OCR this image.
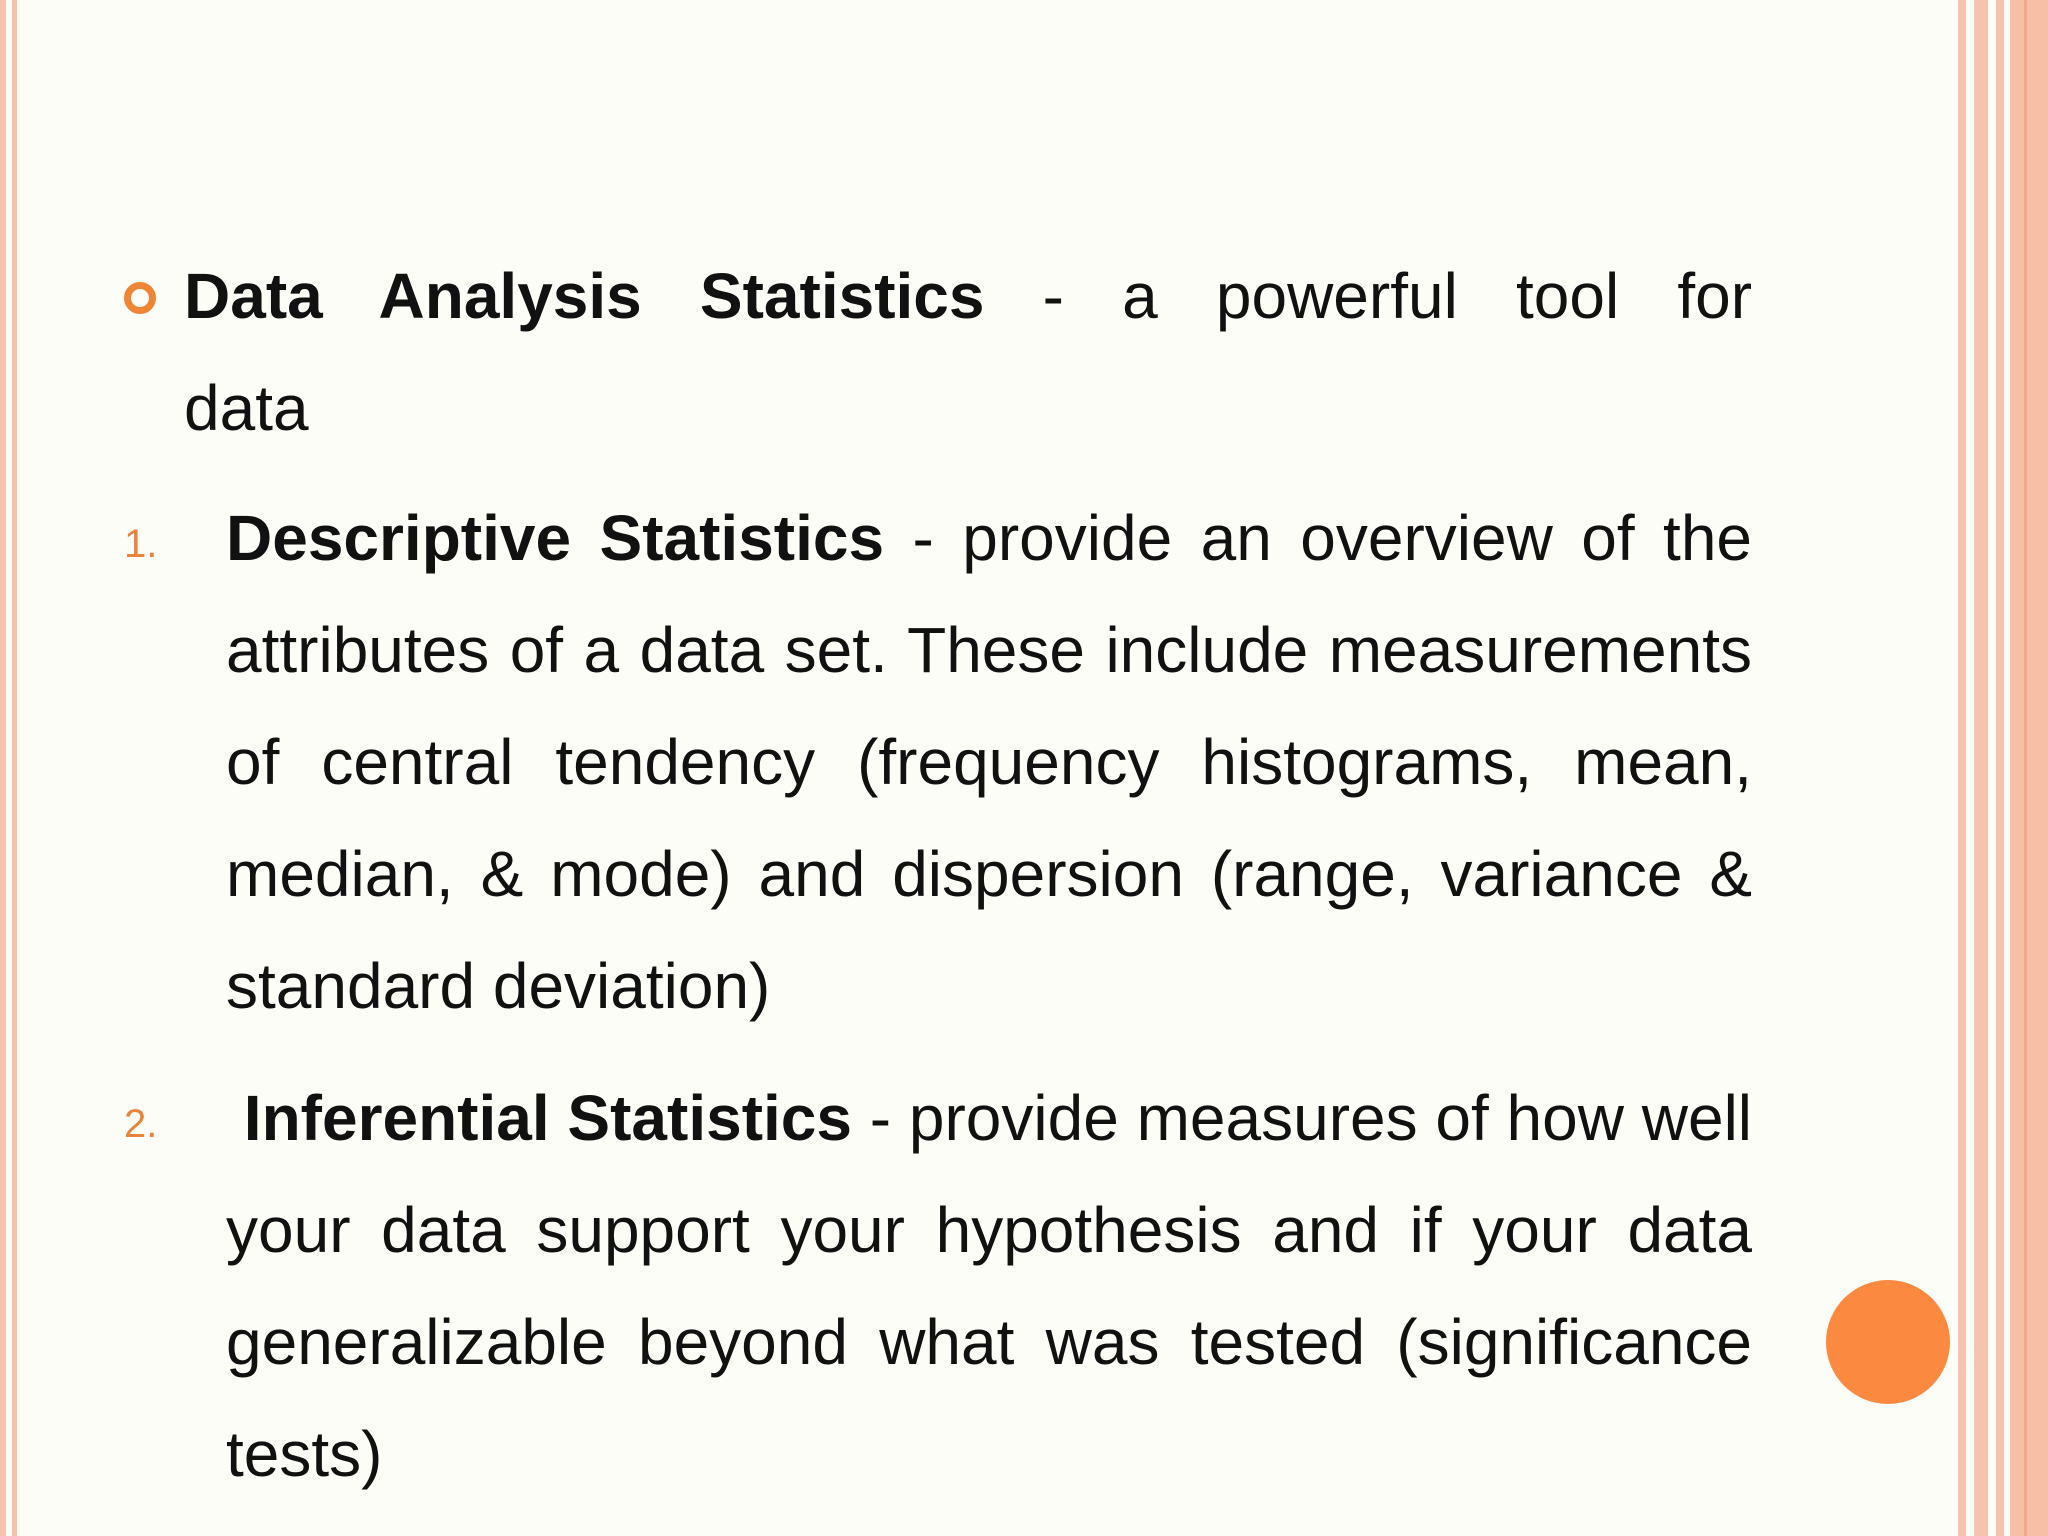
Data Analysis Statistics - a powerful tool for
data
1. Descriptive Statistics - provide an overview of the
attributes of a data set. These include measurements
of central tendency (frequency histograms, mean,
median, & mode) and dispersion (range, variance &
standard deviation)
2. Inferential Statistics - provide measures of how well
your data support your hypothesis and if your data
generalizable beyond what was tested (significance
tests)
